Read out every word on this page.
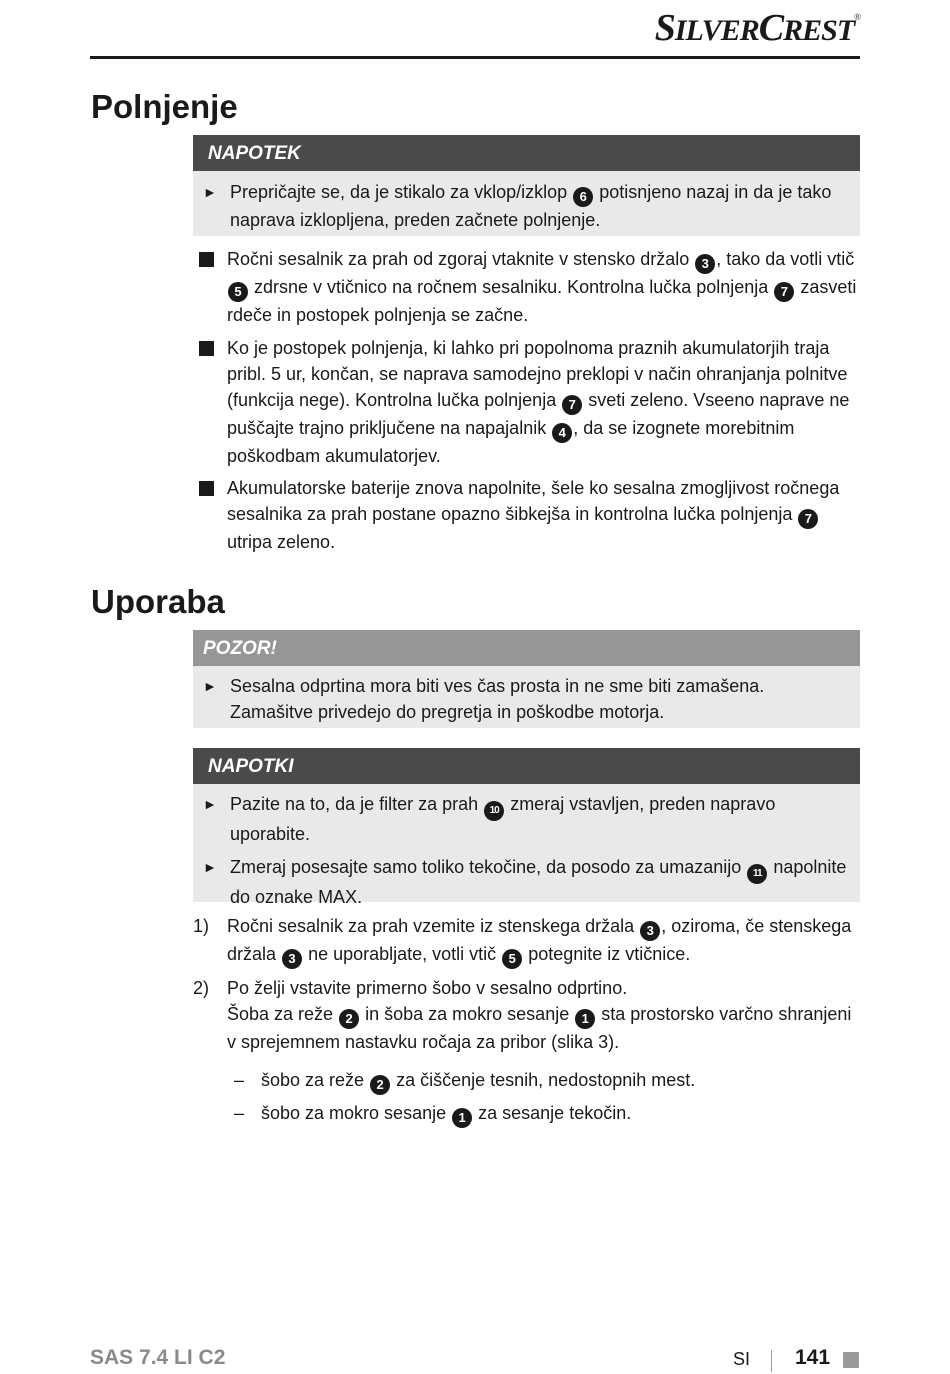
SILVERCREST®
Polnjenje
NAPOTEK
► Prepričajte se, da je stikalo za vklop/izklop 6 potisnjeno nazaj in da je tako naprava izklopljena, preden začnete polnjenje.
Ročni sesalnik za prah od zgoraj vtaknite v stensko držalo 3 , tako da votli vtič 5 zdrsne v vtičnico na ročnem sesalniku. Kontrolna lučka polnjenja 7 zasveti rdeče in postopek polnjenja se začne.
Ko je postopek polnjenja, ki lahko pri popolnoma praznih akumulatorjih traja pribl. 5 ur, končan, se naprava samodejno preklopi v način ohranjanja polnitve (funkcija nege). Kontrolna lučka polnjenja 7 sveti zeleno. Vseeno naprave ne puščajte trajno priključene na napajalnik 4 , da se izognete morebitnim poškodbam akumulatorjev.
Akumulatorske baterije znova napolnite, šele ko sesalna zmogljivost ročnega sesalnika za prah postane opazno šibkejša in kontrolna lučka polnjenja 7 utripa zeleno.
Uporaba
POZOR!
► Sesalna odprtina mora biti ves čas prosta in ne sme biti zamašena. Zamašitve privedejo do pregretja in poškodbe motorja.
NAPOTKI
► Pazite na to, da je filter za prah 10 zmeraj vstavljen, preden napravo uporabite.
► Zmeraj posesajte samo toliko tekočine, da posodo za umazanijo 11 napolnite do oznake MAX.
1) Ročni sesalnik za prah vzemite iz stenskega držala 3 , oziroma, če stenskega držala 3 ne uporabljate, votli vtič 5 potegnite iz vtičnice.
2) Po želji vstavite primerno šobo v sesalno odprtino.
Šoba za reže 2 in šoba za mokro sesanje 1 sta prostorsko varčno shranjeni v sprejemnem nastavku ročaja za pribor (slika 3).
– šobo za reže 2 za čiščenje tesnih, nedostopnih mest.
– šobo za mokro sesanje 1 za sesanje tekočin.
SAS 7.4 LI C2	SI 141
